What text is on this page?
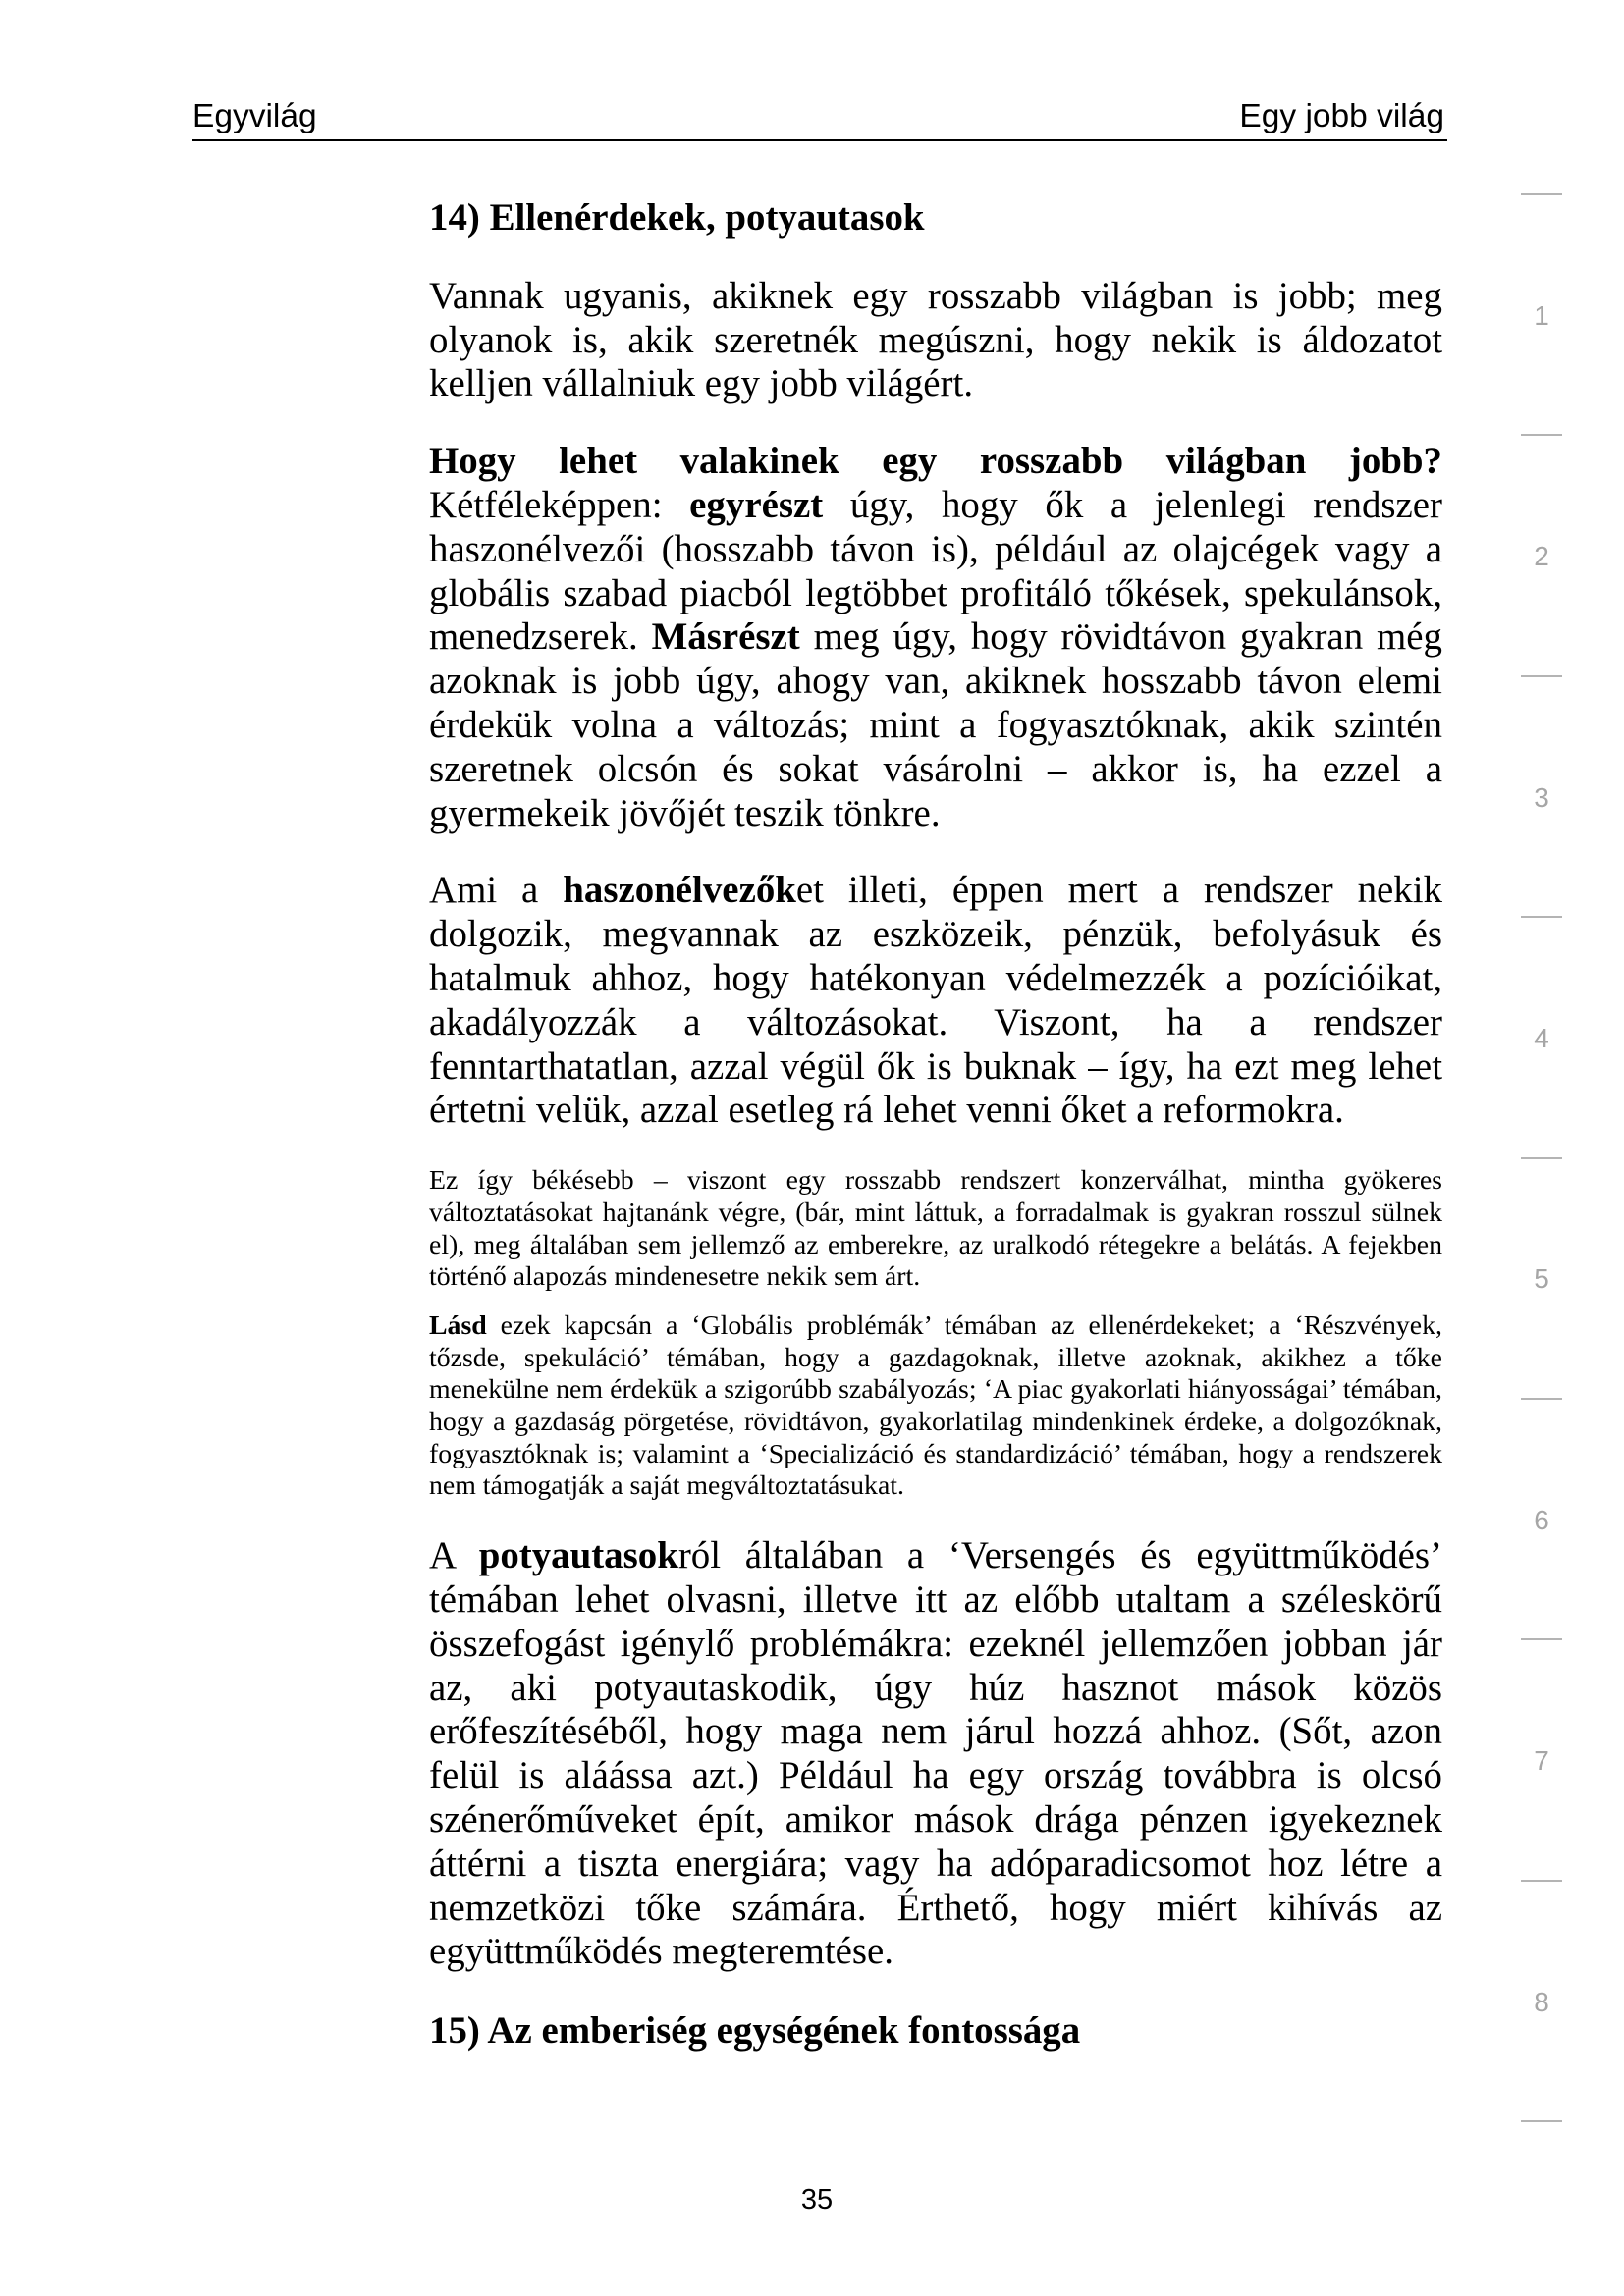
Egyvilág	Egy jobb világ
14) Ellenérdekek, potyautasok

Vannak ugyanis, akiknek egy rosszabb világban is jobb; meg olyanok is, akik szeretnék megúszni, hogy nekik is áldozatot kelljen vállalniuk egy jobb világért.

Hogy lehet valakinek egy rosszabb világban jobb? Kétféleképpen: egyrészt úgy, hogy ők a jelenlegi rendszer haszonélvezői (hosszabb távon is), például az olajcégek vagy a globális szabad piacból legtöbbet profitáló tőkések, spekulánsok, menedzserek. Másrészt meg úgy, hogy rövidtávon gyakran még azoknak is jobb úgy, ahogy van, akiknek hosszabb távon elemi érdekük volna a változás; mint a fogyasztóknak, akik szintén szeretnek olcsón és sokat vásárolni – akkor is, ha ezzel a gyermekeik jövőjét teszik tönkre.

Ami a haszonélvezőket illeti, éppen mert a rendszer nekik dolgozik, megvannak az eszközeik, pénzük, befolyásuk és hatalmuk ahhoz, hogy hatékonyan védelmezzék a pozícióikat, akadályozzák a változásokat. Viszont, ha a rendszer fenntarthatatlan, azzal végül ők is buknak – így, ha ezt meg lehet értetni velük, azzal esetleg rá lehet venni őket a reformokra.

Ez így békésebb – viszont egy rosszabb rendszert konzerválhat, mintha gyökeres változtatásokat hajtanánk végre, (bár, mint láttuk, a forradalmak is gyakran rosszul sülnek el), meg általában sem jellemző az emberekre, az uralkodó rétegekre a belátás. A fejekben történő alapozás mindenesetre nekik sem árt.

Lásd ezek kapcsán a ‘Globális problémák’ témában az ellenérdekeket; a ‘Részvények, tőzsde, spekuláció’ témában, hogy a gazdagoknak, illetve azoknak, akikhez a tőke menekülne nem érdekük a szigorúbb szabályozás; ‘A piac gyakorlati hiányosságai’ témában, hogy a gazdaság pörgetése, rövidtávon, gyakorlatilag mindenkinek érdeke, a dolgozóknak, fogyasztóknak is; valamint a ‘Specializáció és standardizáció’ témában, hogy a rendszerek nem támogatják a saját megváltoztatásukat.

A potyautasokról általában a ‘Versengés és együttműködés’ témában lehet olvasni, illetve itt az előbb utaltam a széleskörű összefogást igénylő problémákra: ezeknél jellemzően jobban jár az, aki potyautaskodik, úgy húz hasznot mások közös erőfeszítéséből, hogy maga nem járul hozzá ahhoz. (Sőt, azon felül is aláássa azt.) Például ha egy ország továbbra is olcsó szénerőműveket épít, amikor mások drága pénzen igyekeznek áttérni a tiszta energiára; vagy ha adóparadicsomot hoz létre a nemzetközi tőke számára. Érthető, hogy miért kihívás az együttműködés megteremtése.

15) Az emberiség egységének fontossága
1
2
3
4
5
6
7
8
35
